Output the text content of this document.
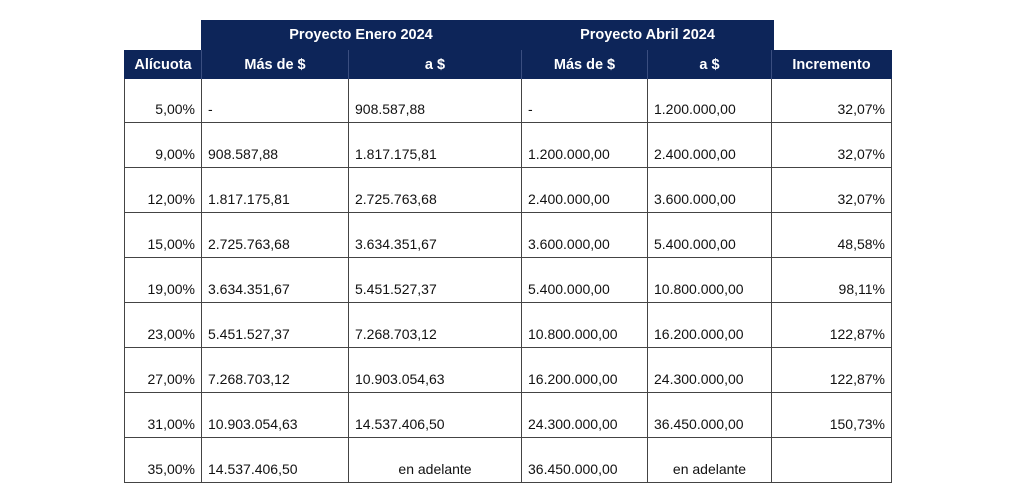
Proyecto Enero 2024	Proyecto Abril 2024
Alícuota	Más de $	a $	Más de $	a $	Incremento
5,00%	-	908.587,88	-	1.200.000,00	32,07%
9,00%	908.587,88	1.817.175,81	1.200.000,00	2.400.000,00	32,07%
12,00%	1.817.175,81	2.725.763,68	2.400.000,00	3.600.000,00	32,07%
15,00%	2.725.763,68	3.634.351,67	3.600.000,00	5.400.000,00	48,58%
19,00%	3.634.351,67	5.451.527,37	5.400.000,00	10.800.000,00	98,11%
23,00%	5.451.527,37	7.268.703,12	10.800.000,00	16.200.000,00	122,87%
27,00%	7.268.703,12	10.903.054,63	16.200.000,00	24.300.000,00	122,87%
31,00%	10.903.054,63	14.537.406,50	24.300.000,00	36.450.000,00	150,73%
35,00%	14.537.406,50	en adelante	36.450.000,00	en adelante	
